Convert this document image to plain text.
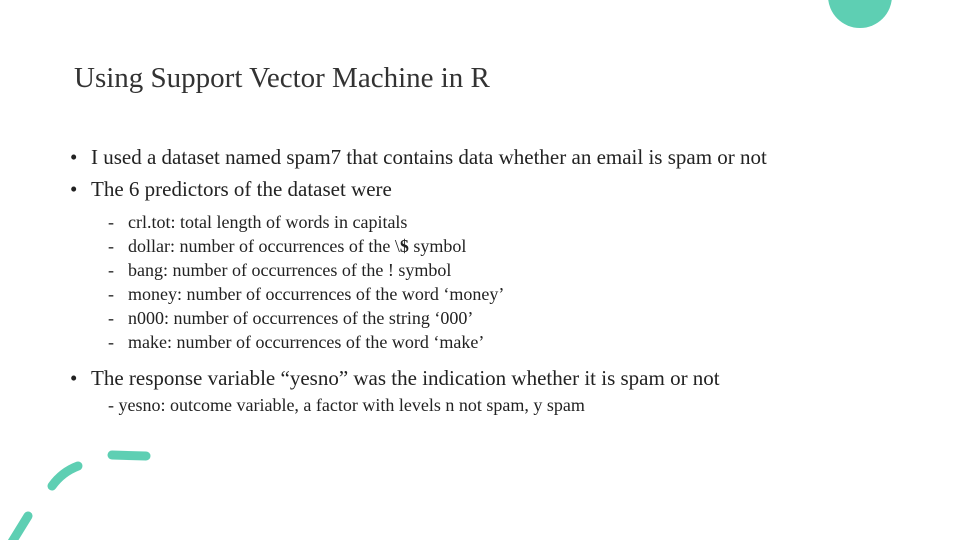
Using Support Vector Machine in R
• I used a dataset named spam7 that contains data whether an email is spam or not
• The 6 predictors of the dataset were
- crl.tot: total length of words in capitals
- dollar: number of occurrences of the \$ symbol
- bang: number of occurrences of the ! symbol
- money: number of occurrences of the word ‘money’
- n000: number of occurrences of the string ‘000’
- make: number of occurrences of the word ‘make’
• The response variable “yesno” was the indication whether it is spam or not
- yesno: outcome variable, a factor with levels n not spam, y spam
